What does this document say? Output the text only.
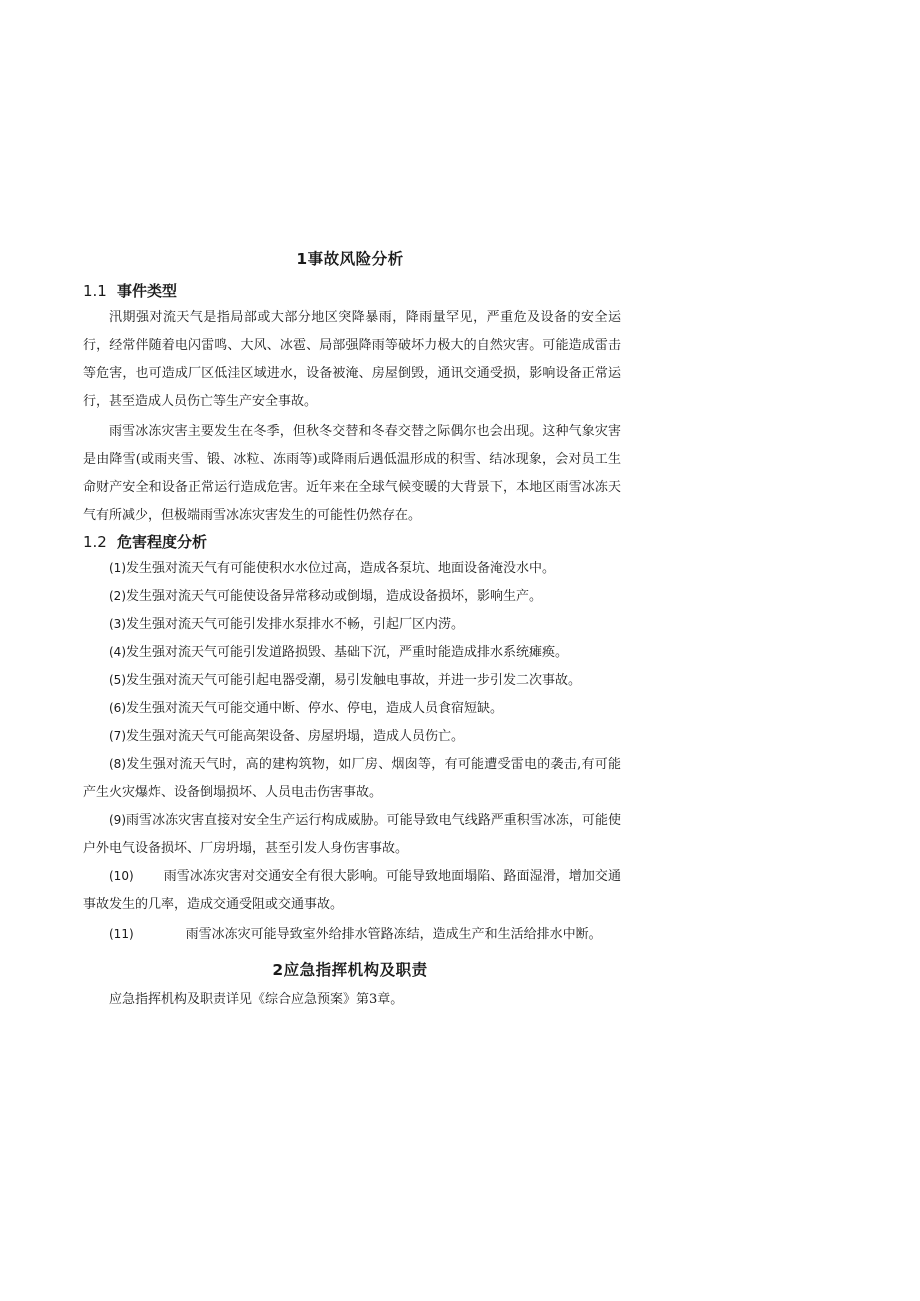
1事故风险分析
1.1 事件类型
汛期强对流天气是指局部或大部分地区突降暴雨，降雨量罕见，严重危及设备的安全运行，经常伴随着电闪雷鸣、大风、冰雹、局部强降雨等破坏力极大的自然灾害。可能造成雷击等危害，也可造成厂区低洼区域进水，设备被淹、房屋倒毁，通讯交通受损，影响设备正常运行，甚至造成人员伤亡等生产安全事故。
雨雪冰冻灾害主要发生在冬季，但秋冬交替和冬春交替之际偶尔也会出现。这种气象灾害是由降雪(或雨夹雪、锻、冰粒、冻雨等)或降雨后遇低温形成的积雪、结冰现象，会对员工生命财产安全和设备正常运行造成危害。近年来在全球气候变暖的大背景下，本地区雨雪冰冻天气有所减少，但极端雨雪冰冻灾害发生的可能性仍然存在。
1.2 危害程度分析
(1)发生强对流天气有可能使积水水位过高，造成各泵坑、地面设备淹没水中。
(2)发生强对流天气可能使设备异常移动或倒塌，造成设备损坏，影响生产。
(3)发生强对流天气可能引发排水泵排水不畅，引起厂区内涝。
(4)发生强对流天气可能引发道路损毁、基础下沉，严重时能造成排水系统瘫痪。
(5)发生强对流天气可能引起电器受潮，易引发触电事故，并进一步引发二次事故。
(6)发生强对流天气可能交通中断、停水、停电，造成人员食宿短缺。
(7)发生强对流天气可能高架设备、房屋坍塌，造成人员伤亡。
(8)发生强对流天气时，高的建构筑物，如厂房、烟囱等，有可能遭受雷电的袭击,有可能产生火灾爆炸、设备倒塌损坏、人员电击伤害事故。
(9)雨雪冰冻灾害直接对安全生产运行构成威胁。可能导致电气线路严重积雪冰冻，可能使户外电气设备损坏、厂房坍塌，甚至引发人身伤害事故。
(10) 雨雪冰冻灾害对交通安全有很大影响。可能导致地面塌陷、路面湿滑，增加交通事故发生的几率，造成交通受阻或交通事故。
(11)	雨雪冰冻灾可能导致室外给排水管路冻结，造成生产和生活给排水中断。
2应急指挥机构及职责
应急指挥机构及职责详见《综合应急预案》第3章。
